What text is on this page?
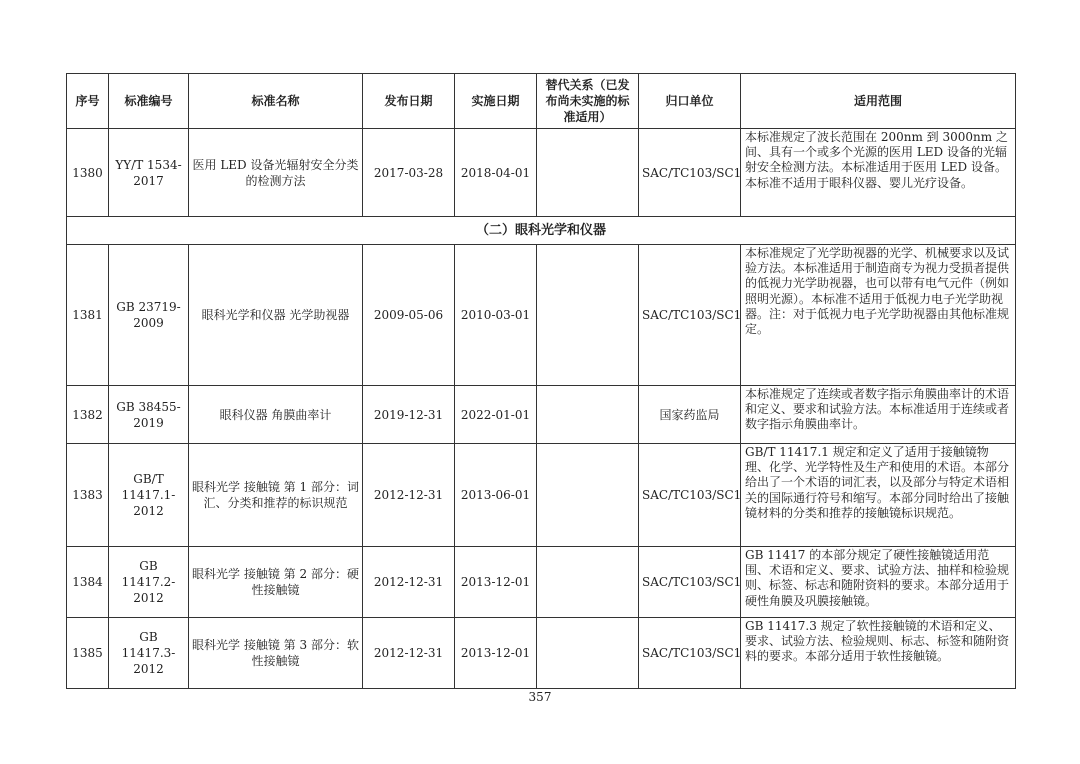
序号	标准编号	标准名称	发布日期	实施日期	替代关系（已发布尚未实施的标准适用）	归口单位	适用范围
1380	YY/T 1534-2017	医用 LED 设备光辐射安全分类的检测方法	2017-03-28	2018-04-01		SAC/TC103/SC1	本标准规定了波长范围在 200nm 到 3000nm 之间、具有一个或多个光源的医用 LED 设备的光辐射安全检测方法。本标准适用于医用 LED 设备。本标准不适用于眼科仪器、婴儿光疗设备。
（二）眼科光学和仪器							
1381	GB 23719-2009	眼科光学和仪器 光学助视器	2009-05-06	2010-03-01		SAC/TC103/SC1	本标准规定了光学助视器的光学、机械要求以及试验方法。本标准适用于制造商专为视力受损者提供的低视力光学助视器，也可以带有电气元件（例如照明光源）。本标准不适用于低视力电子光学助视器。注：对于低视力电子光学助视器由其他标准规定。
1382	GB 38455-2019	眼科仪器 角膜曲率计	2019-12-31	2022-01-01		国家药监局	本标准规定了连续或者数字指示角膜曲率计的术语和定义、要求和试验方法。本标准适用于连续或者数字指示角膜曲率计。
1383	GB/T 11417.1-2012	眼科光学 接触镜 第 1 部分：词汇、分类和推荐的标识规范	2012-12-31	2013-06-01		SAC/TC103/SC1	GB/T 11417.1 规定和定义了适用于接触镜物理、化学、光学特性及生产和使用的术语。本部分给出了一个术语的词汇表，以及部分与特定术语相关的国际通行符号和缩写。本部分同时给出了接触镜材料的分类和推荐的接触镜标识规范。
1384	GB 11417.2-2012	眼科光学 接触镜 第 2 部分：硬性接触镜	2012-12-31	2013-12-01		SAC/TC103/SC1	GB 11417 的本部分规定了硬性接触镜适用范围、术语和定义、要求、试验方法、抽样和检验规则、标签、标志和随附资料的要求。本部分适用于硬性角膜及巩膜接触镜。
1385	GB 11417.3-2012	眼科光学 接触镜 第 3 部分：软性接触镜	2012-12-31	2013-12-01		SAC/TC103/SC1	GB 11417.3 规定了软性接触镜的术语和定义、要求、试验方法、检验规则、标志、标签和随附资料的要求。本部分适用于软性接触镜。
357
